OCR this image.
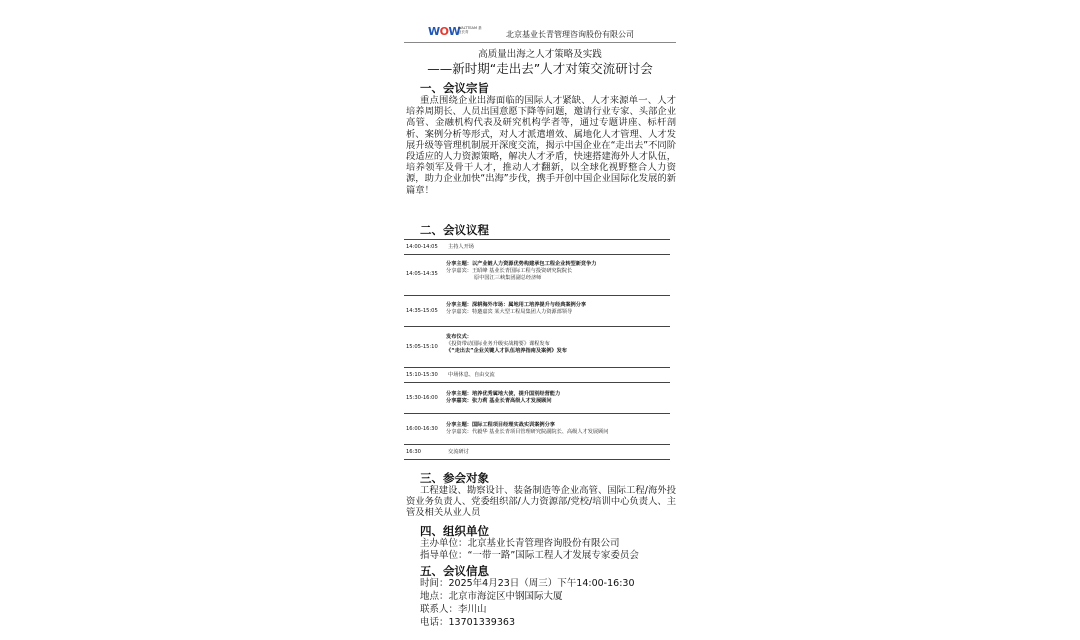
WOW
WALTTEAM 基业长青	北京基业长青管理咨询股份有限公司
高质量出海之人才策略及实践
——新时期“走出去”人才对策交流研讨会
一、会议宗旨
重点围绕企业出海面临的国际人才紧缺、人才来源单一、人才培养周期长、人员出国意愿下降等问题，邀请行业专家、头部企业高管、金融机构代表及研究机构学者等，通过专题讲座、标杆剖析、案例分析等形式，对人才派遣增效、属地化人才管理、人才发展升级等管理机制展开深度交流，揭示中国企业在“走出去”不同阶段适应的人力资源策略，解决人才矛盾，快速搭建海外人才队伍，培养领军及骨干人才，推动人才翻新，以全球化视野整合人力资源，助力企业加快“出海”步伐，携手开创中国企业国际化发展的新篇章！
二、会议议程
14:00-14:05 主持人开场
14:05-14:35
分享主题：以产业链人力资源优势构建承包工程企业转型新竞争力
分享嘉宾：王昭峰 基业长青国际工程与投资研究院院长
原中国江三峡集团副总经济师
14:35-15:05
分享主题：深耕海外市场：属地用工培养提升与经典案例分享
分享嘉宾：特邀嘉宾 某大型工程局集团人力资源部领导
15:05-15:10
发布仪式：
《投资带动国际业务升级实战精要》课程发布
《“走出去”企业关键人才队伍培养指南及案例》发布
15:10-15:30 中场休息、自由交流
15:30-16:00
分享主题：培养优秀属地大使，提升国别经营能力
分享嘉宾：张力莉 基业长青高级人才发展顾问
16:00-16:30
分享主题：国际工程项目经理实战实训案例分享
分享嘉宾：代毅华 基业长青项目管理研究院副院长、高级人才发展顾问
16:30	交流研讨
三、参会对象
工程建设、勘察设计、装备制造等企业高管、国际工程/海外投资业务负责人、党委组织部/人力资源部/党校/培训中心负责人、主管及相关从业人员
四、组织单位
主办单位：北京基业长青管理咨询股份有限公司
指导单位：“一带一路”国际工程人才发展专家委员会
五、会议信息
时间：2025年4月23日（周三）下午14:00-16:30
地点：北京市海淀区中钢国际大厦
联系人：李川山
电话：13701339363
